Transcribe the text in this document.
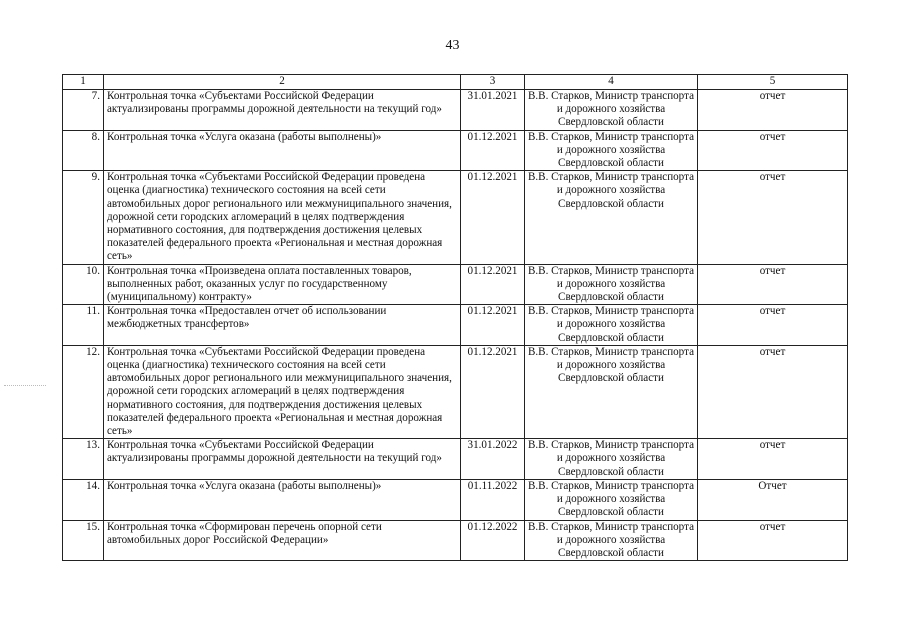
43
1	2	3	4	5
7.	Контрольная точка «Субъектами Российской Федерации актуализированы программы дорожной деятельности на текущий год»	31.01.2021	В.В. Старков, Министр транспорта и дорожного хозяйства Свердловской области	отчет
8.	Контрольная точка «Услуга оказана (работы выполнены)»	01.12.2021	В.В. Старков, Министр транспорта и дорожного хозяйства Свердловской области	отчет
9.	Контрольная точка «Субъектами Российской Федерации проведена оценка (диагностика) технического состояния на всей сети автомобильных дорог регионального или межмуниципального значения, дорожной сети городских агломераций в целях подтверждения нормативного состояния, для подтверждения достижения целевых показателей федерального проекта «Региональная и местная дорожная сеть»	01.12.2021	В.В. Старков, Министр транспорта и дорожного хозяйства Свердловской области	отчет
10.	Контрольная точка «Произведена оплата поставленных товаров, выполненных работ, оказанных услуг по государственному (муниципальному) контракту»	01.12.2021	В.В. Старков, Министр транспорта и дорожного хозяйства Свердловской области	отчет
11.	Контрольная точка «Предоставлен отчет об использовании межбюджетных трансфертов»	01.12.2021	В.В. Старков, Министр транспорта и дорожного хозяйства Свердловской области	отчет
12.	Контрольная точка «Субъектами Российской Федерации проведена оценка (диагностика) технического состояния на всей сети автомобильных дорог регионального или межмуниципального значения, дорожной сети городских агломераций в целях подтверждения нормативного состояния, для подтверждения достижения целевых показателей федерального проекта «Региональная и местная дорожная сеть»	01.12.2021	В.В. Старков, Министр транспорта и дорожного хозяйства Свердловской области	отчет
13.	Контрольная точка «Субъектами Российской Федерации актуализированы программы дорожной деятельности на текущий год»	31.01.2022	В.В. Старков, Министр транспорта и дорожного хозяйства Свердловской области	отчет
14.	Контрольная точка «Услуга оказана (работы выполнены)»	01.11.2022	В.В. Старков, Министр транспорта и дорожного хозяйства Свердловской области	Отчет
15.	Контрольная точка «Сформирован перечень опорной сети автомобильных дорог Российской Федерации»	01.12.2022	В.В. Старков, Министр транспорта и дорожного хозяйства Свердловской области	отчет
